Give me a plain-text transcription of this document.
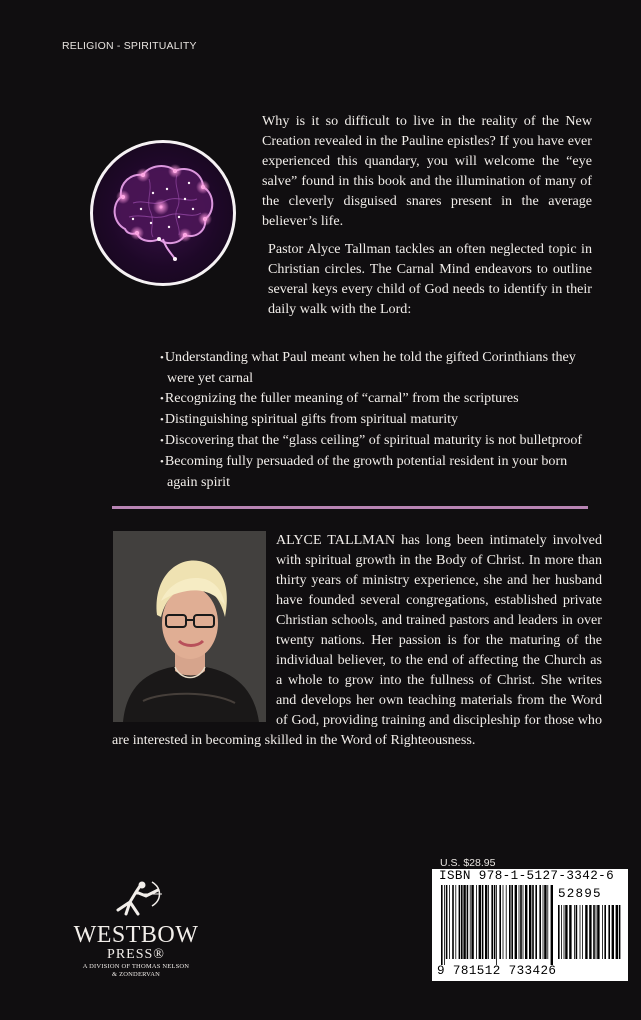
RELIGION - SPIRITUALITY
Why is it so difficult to live in the reality of the New Creation revealed in the Pauline epistles? If you have ever experienced this quandary, you will welcome the “eye salve” found in this book and the illumination of many of the cleverly disguised snares present in the average believer’s life.
Pastor Alyce Tallman tackles an often neglected topic in Christian circles. The Carnal Mind endeavors to outline several keys every child of God needs to identify in their daily walk with the Lord:
• Understanding what Paul meant when he told the gifted Corinthians they were yet carnal
• Recognizing the fuller meaning of “carnal” from the scriptures
• Distinguishing spiritual gifts from spiritual maturity
• Discovering that the “glass ceiling” of spiritual maturity is not bulletproof
• Becoming fully persuaded of the growth potential resident in your born again spirit

ALYCE TALLMAN has long been intimately involved with spiritual growth in the Body of Christ. In more than thirty years of ministry experience, she and her husband have founded several congregations, established private Christian schools, and trained pastors and leaders in over twenty nations. Her passion is for the maturing of the individual believer, to the end of affecting the Church as a whole to grow into the fullness of Christ. She writes and develops her own teaching materials from the Word of God, providing training and discipleship for those who are interested in becoming skilled in the Word of Righteousness.

WESTBOW
PRESS®
A DIVISION OF THOMAS NELSON
& ZONDERVAN
U.S. $28.95
ISBN 978-1-5127-3342-6
52895
9 781512 733426
